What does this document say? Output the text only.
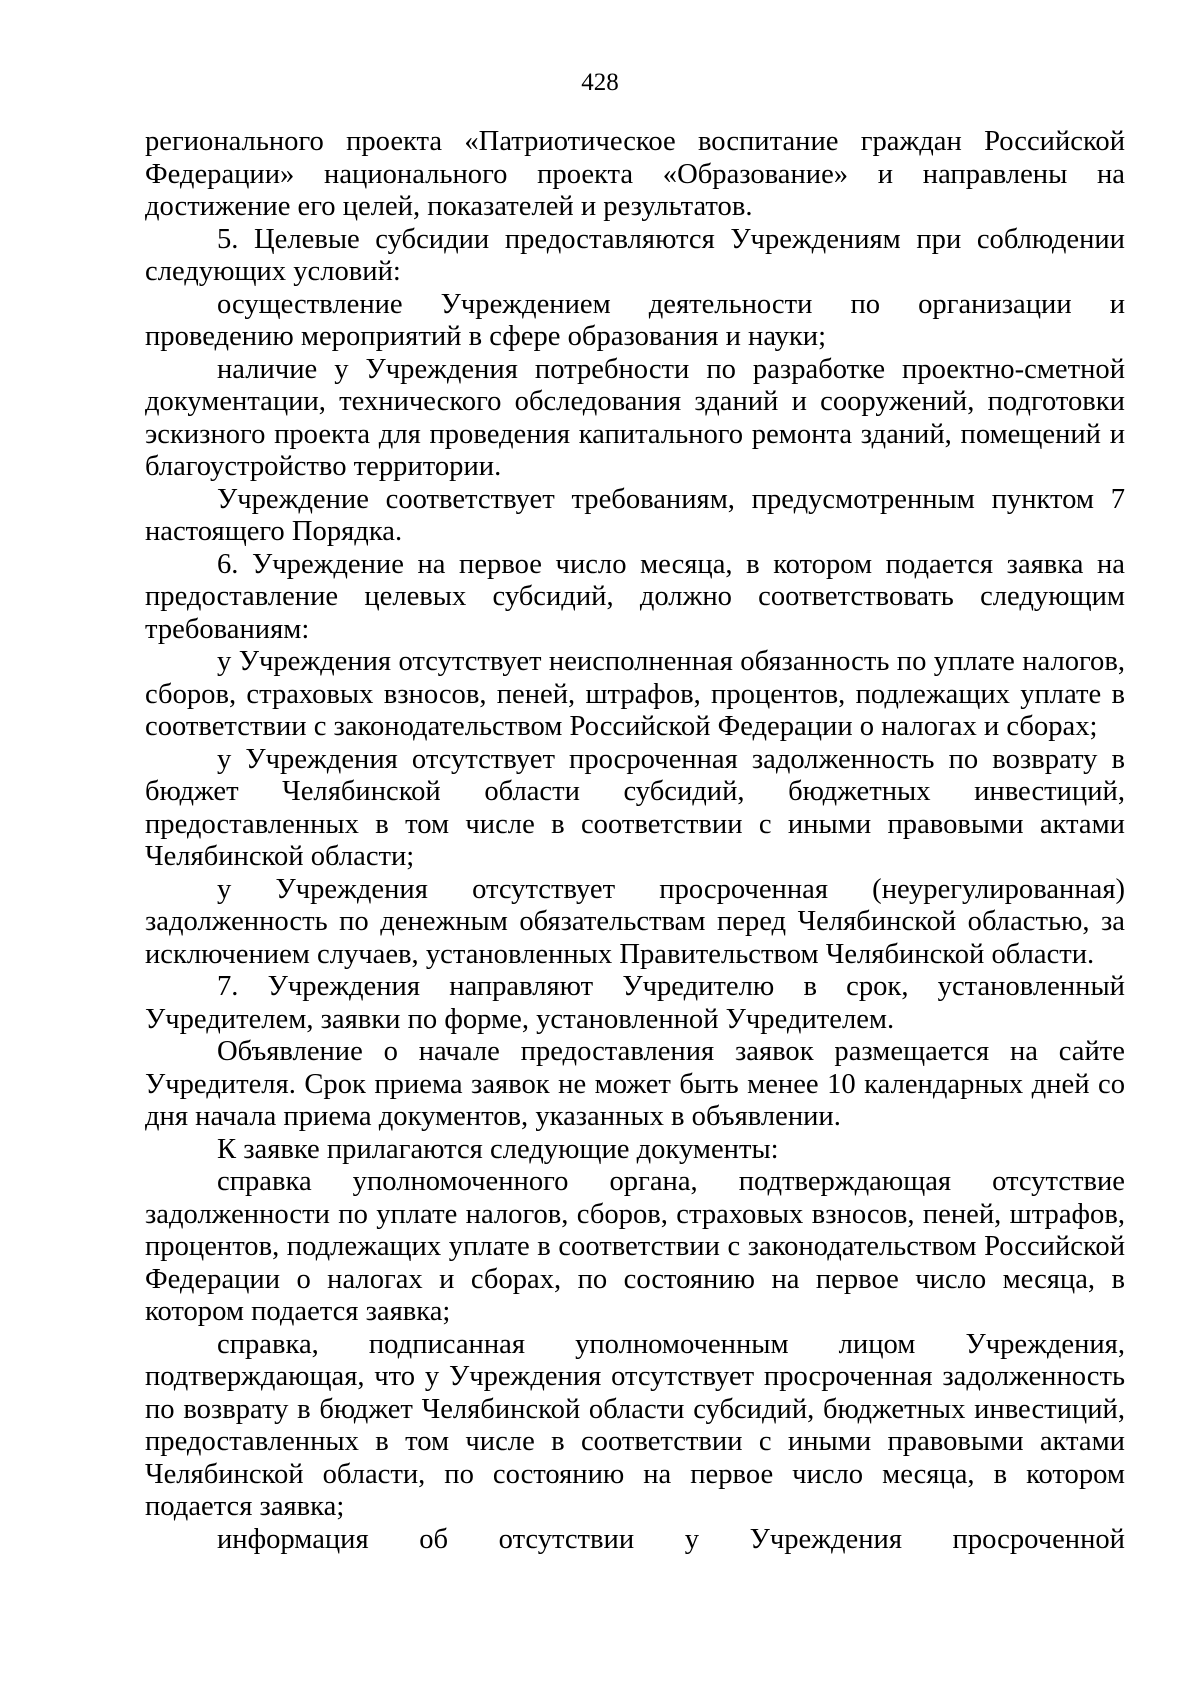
428

регионального проекта «Патриотическое воспитание граждан Российской Федерации» национального проекта «Образование» и направлены на достижение его целей, показателей и результатов.

5. Целевые субсидии предоставляются Учреждениям при соблюдении следующих условий:

осуществление Учреждением деятельности по организации и проведению мероприятий в сфере образования и науки;

наличие у Учреждения потребности по разработке проектно-сметной документации, технического обследования зданий и сооружений, подготовки эскизного проекта для проведения капитального ремонта зданий, помещений и благоустройство территории.

Учреждение соответствует требованиям, предусмотренным пунктом 7 настоящего Порядка.

6. Учреждение на первое число месяца, в котором подается заявка на предоставление целевых субсидий, должно соответствовать следующим требованиям:

у Учреждения отсутствует неисполненная обязанность по уплате налогов, сборов, страховых взносов, пеней, штрафов, процентов, подлежащих уплате в соответствии с законодательством Российской Федерации о налогах и сборах;

у Учреждения отсутствует просроченная задолженность по возврату в бюджет Челябинской области субсидий, бюджетных инвестиций, предоставленных в том числе в соответствии с иными правовыми актами Челябинской области;

у Учреждения отсутствует просроченная (неурегулированная) задолженность по денежным обязательствам перед Челябинской областью, за исключением случаев, установленных Правительством Челябинской области.

7. Учреждения направляют Учредителю в срок, установленный Учредителем, заявки по форме, установленной Учредителем.

Объявление о начале предоставления заявок размещается на сайте Учредителя. Срок приема заявок не может быть менее 10 календарных дней со дня начала приема документов, указанных в объявлении.

К заявке прилагаются следующие документы:

справка уполномоченного органа, подтверждающая отсутствие задолженности по уплате налогов, сборов, страховых взносов, пеней, штрафов, процентов, подлежащих уплате в соответствии с законодательством Российской Федерации о налогах и сборах, по состоянию на первое число месяца, в котором подается заявка;

справка, подписанная уполномоченным лицом Учреждения, подтверждающая, что у Учреждения отсутствует просроченная задолженность по возврату в бюджет Челябинской области субсидий, бюджетных инвестиций, предоставленных в том числе в соответствии с иными правовыми актами Челябинской области, по состоянию на первое число месяца, в котором подается заявка;

информация об отсутствии у Учреждения просроченной
